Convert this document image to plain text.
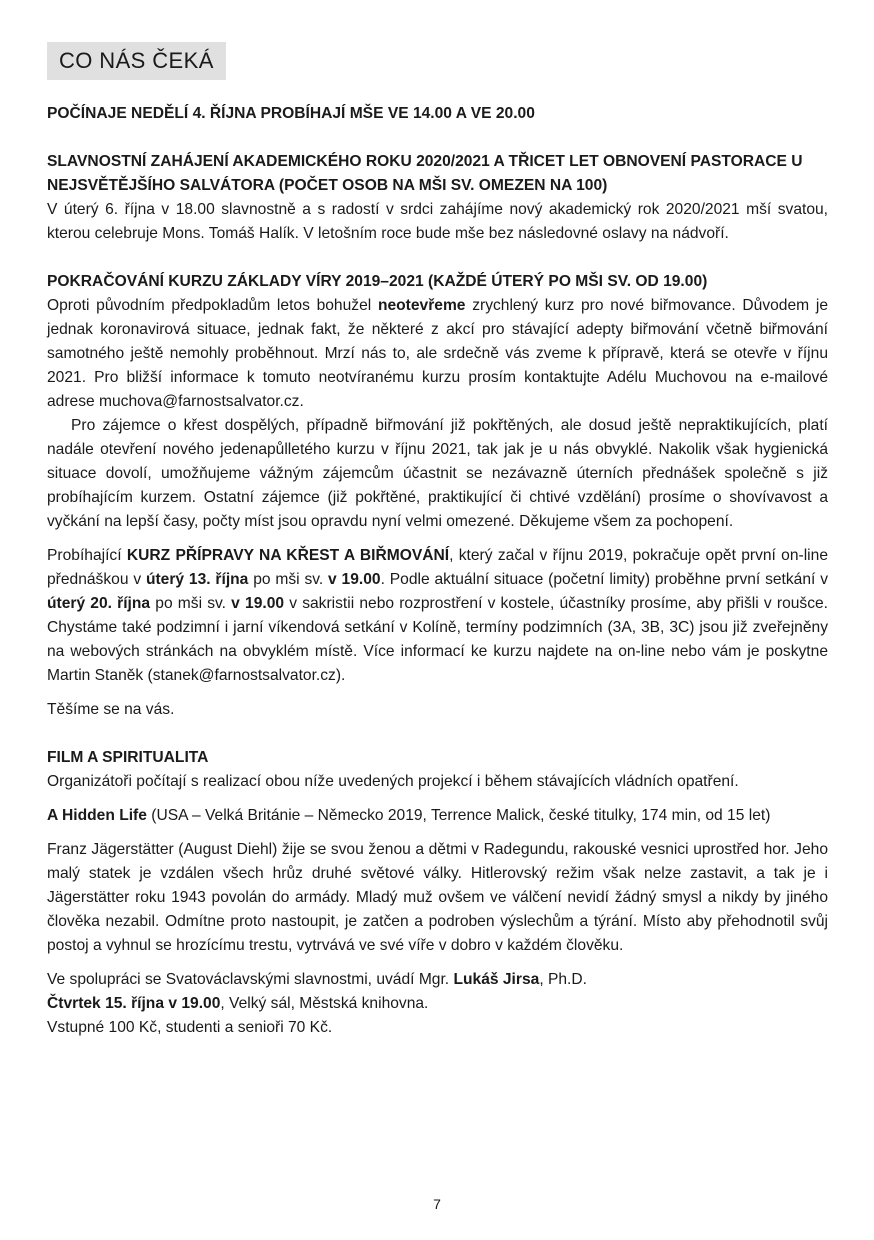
CO NÁS ČEKÁ
POČÍNAJE NEDĚLÍ 4. ŘÍJNA PROBÍHAJÍ MŠE VE 14.00 A VE 20.00
SLAVNOSTNÍ ZAHÁJENÍ AKADEMICKÉHO ROKU 2020/2021 A TŘICET LET OBNOVENÍ PASTORACE U NEJSVĚTĚJŠÍHO SALVÁTORA (POČET OSOB NA MŠI SV. OMEZEN NA 100)

V úterý 6. října v 18.00 slavnostně a s radostí v srdci zahájíme nový akademický rok 2020/2021 mší svatou, kterou celebruje Mons. Tomáš Halík. V letošním roce bude mše bez následovné oslavy na nádvoří.

POKRAČOVÁNÍ KURZU ZÁKLADY VÍRY 2019–2021 (KAŽDÉ ÚTERÝ PO MŠI SV. OD 19.00)

Oproti původním předpokladům letos bohužel neotevřeme zrychlený kurz pro nové biřmovance. Důvodem je jednak koronavirová situace, jednak fakt, že některé z akcí pro stávající adepty biřmování včetně biřmování samotného ještě nemohly proběhnout. Mrzí nás to, ale srdečně vás zveme k přípravě, která se otevře v říjnu 2021. Pro bližší informace k tomuto neotvíranému kurzu prosím kontaktujte Adélu Muchovou na e-mailové adrese muchova@farnostsalvator.cz.

Pro zájemce o křest dospělých, případně biřmování již pokřtěných, ale dosud ještě nepraktikujících, platí nadále otevření nového jedenapůlletého kurzu v říjnu 2021, tak jak je u nás obvyklé. Nakolik však hygienická situace dovolí, umožňujeme vážným zájemcům účastnit se nezávazně úterních přednášek společně s již probíhajícím kurzem. Ostatní zájemce (již pokřtěné, praktikující či chtivé vzdělání) prosíme o shovívavost a vyčkání na lepší časy, počty míst jsou opravdu nyní velmi omezené. Děkujeme všem za pochopení.

Probíhající KURZ PŘÍPRAVY NA KŘEST A BIŘMOVÁNÍ, který začal v říjnu 2019, pokračuje opět první on-line přednáškou v úterý 13. října po mši sv. v 19.00. Podle aktuální situace (početní limity) proběhne první setkání v úterý 20. října po mši sv. v 19.00 v sakristii nebo rozprostření v kostele, účastníky prosíme, aby přišli v roušce. Chystáme také podzimní i jarní víkendová setkání v Kolíně, termíny podzimních (3A, 3B, 3C) jsou již zveřejněny na webových stránkách na obvyklém místě. Více informací ke kurzu najdete na on-line nebo vám je poskytne Martin Staněk (stanek@farnostsalvator.cz).

Těšíme se na vás.

FILM A SPIRITUALITA

Organizátoři počítají s realizací obou níže uvedených projekcí i během stávajících vládních opatření.

A Hidden Life (USA – Velká Británie – Německo 2019, Terrence Malick, české titulky, 174 min, od 15 let)

Franz Jägerstätter (August Diehl) žije se svou ženou a dětmi v Radegundu, rakouské vesnici uprostřed hor. Jeho malý statek je vzdálen všech hrůz druhé světové války. Hitlerovský režim však nelze zastavit, a tak je i Jägerstätter roku 1943 povolán do armády. Mladý muž ovšem ve válčení nevidí žádný smysl a nikdy by jiného člověka nezabil. Odmítne proto nastoupit, je zatčen a podroben výslechům a týrání. Místo aby přehodnotil svůj postoj a vyhnul se hrozícímu trestu, vytrvává ve své víře v dobro v každém člověku.

Ve spolupráci se Svatováclavskými slavnostmi, uvádí Mgr. Lukáš Jirsa, Ph.D.

Čtvrtek 15. října v 19.00, Velký sál, Městská knihovna.

Vstupné 100 Kč, studenti a senioři 70 Kč.

7
